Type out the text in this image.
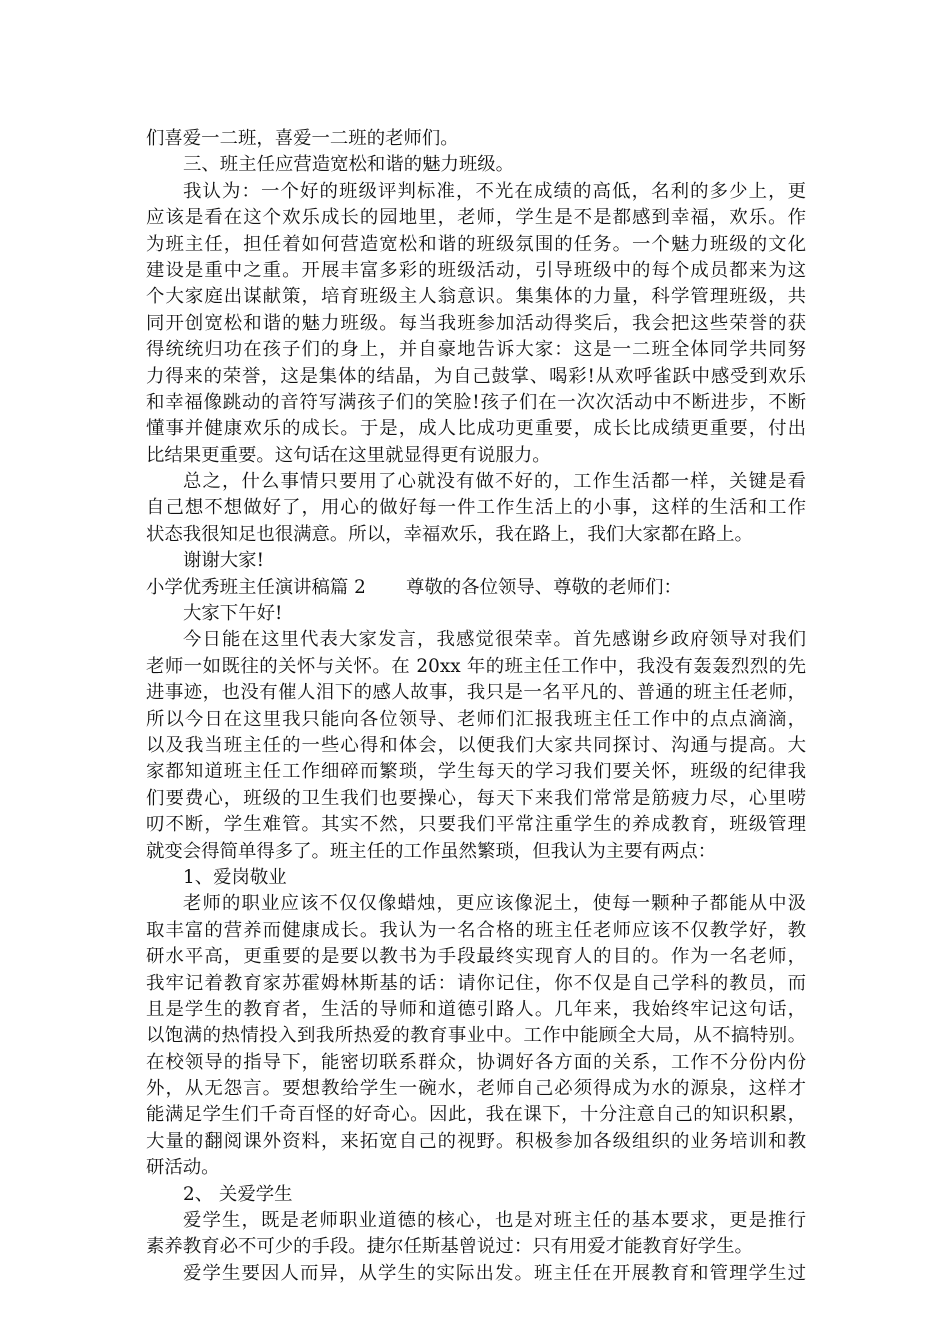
们喜爱一二班，喜爱一二班的老师们。
三、班主任应营造宽松和谐的魅力班级。
我认为：一个好的班级评判标准，不光在成绩的高低，名利的多少上，更
应该是看在这个欢乐成长的园地里，老师，学生是不是都感到幸福，欢乐。作
为班主任，担任着如何营造宽松和谐的班级氛围的任务。一个魅力班级的文化
建设是重中之重。开展丰富多彩的班级活动，引导班级中的每个成员都来为这
个大家庭出谋献策，培育班级主人翁意识。集集体的力量，科学管理班级，共
同开创宽松和谐的魅力班级。每当我班参加活动得奖后，我会把这些荣誉的获
得统统归功在孩子们的身上，并自豪地告诉大家：这是一二班全体同学共同努
力得来的荣誉，这是集体的结晶，为自己鼓掌、喝彩!从欢呼雀跃中感受到欢乐
和幸福像跳动的音符写满孩子们的笑脸!孩子们在一次次活动中不断进步，不断
懂事并健康欢乐的成长。于是，成人比成功更重要，成长比成绩更重要，付出
比结果更重要。这句话在这里就显得更有说服力。
总之，什么事情只要用了心就没有做不好的，工作生活都一样，关键是看
自己想不想做好了，用心的做好每一件工作生活上的小事，这样的生活和工作
状态我很知足也很满意。所以，幸福欢乐，我在路上，我们大家都在路上。
谢谢大家!
小学优秀班主任演讲稿篇 2	尊敬的各位领导、尊敬的老师们：
大家下午好!
今日能在这里代表大家发言，我感觉很荣幸。首先感谢乡政府领导对我们
老师一如既往的关怀与关怀。在 20xx 年的班主任工作中，我没有轰轰烈烈的先
进事迹，也没有催人泪下的感人故事，我只是一名平凡的、普通的班主任老师，
所以今日在这里我只能向各位领导、老师们汇报我班主任工作中的点点滴滴，
以及我当班主任的一些心得和体会，以便我们大家共同探讨、沟通与提高。大
家都知道班主任工作细碎而繁琐，学生每天的学习我们要关怀，班级的纪律我
们要费心，班级的卫生我们也要操心，每天下来我们常常是筋疲力尽，心里唠
叨不断，学生难管。其实不然，只要我们平常注重学生的养成教育，班级管理
就变会得简单得多了。班主任的工作虽然繁琐，但我认为主要有两点：
1、爱岗敬业
老师的职业应该不仅仅像蜡烛，更应该像泥土，使每一颗种子都能从中汲
取丰富的营养而健康成长。我认为一名合格的班主任老师应该不仅教学好，教
研水平高，更重要的是要以教书为手段最终实现育人的目的。作为一名老师，
我牢记着教育家苏霍姆林斯基的话：请你记住，你不仅是自己学科的教员，而
且是学生的教育者，生活的导师和道德引路人。几年来，我始终牢记这句话，
以饱满的热情投入到我所热爱的教育事业中。工作中能顾全大局，从不搞特别。
在校领导的指导下，能密切联系群众，协调好各方面的关系，工作不分份内份
外，从无怨言。要想教给学生一碗水，老师自己必须得成为水的源泉，这样才
能满足学生们千奇百怪的好奇心。因此，我在课下，十分注意自己的知识积累，
大量的翻阅课外资料，来拓宽自己的视野。积极参加各级组织的业务培训和教
研活动。
2、 关爱学生
爱学生，既是老师职业道德的核心，也是对班主任的基本要求，更是推行
素养教育必不可少的手段。捷尔任斯基曾说过：只有用爱才能教育好学生。
爱学生要因人而异，从学生的实际出发。班主任在开展教育和管理学生过
